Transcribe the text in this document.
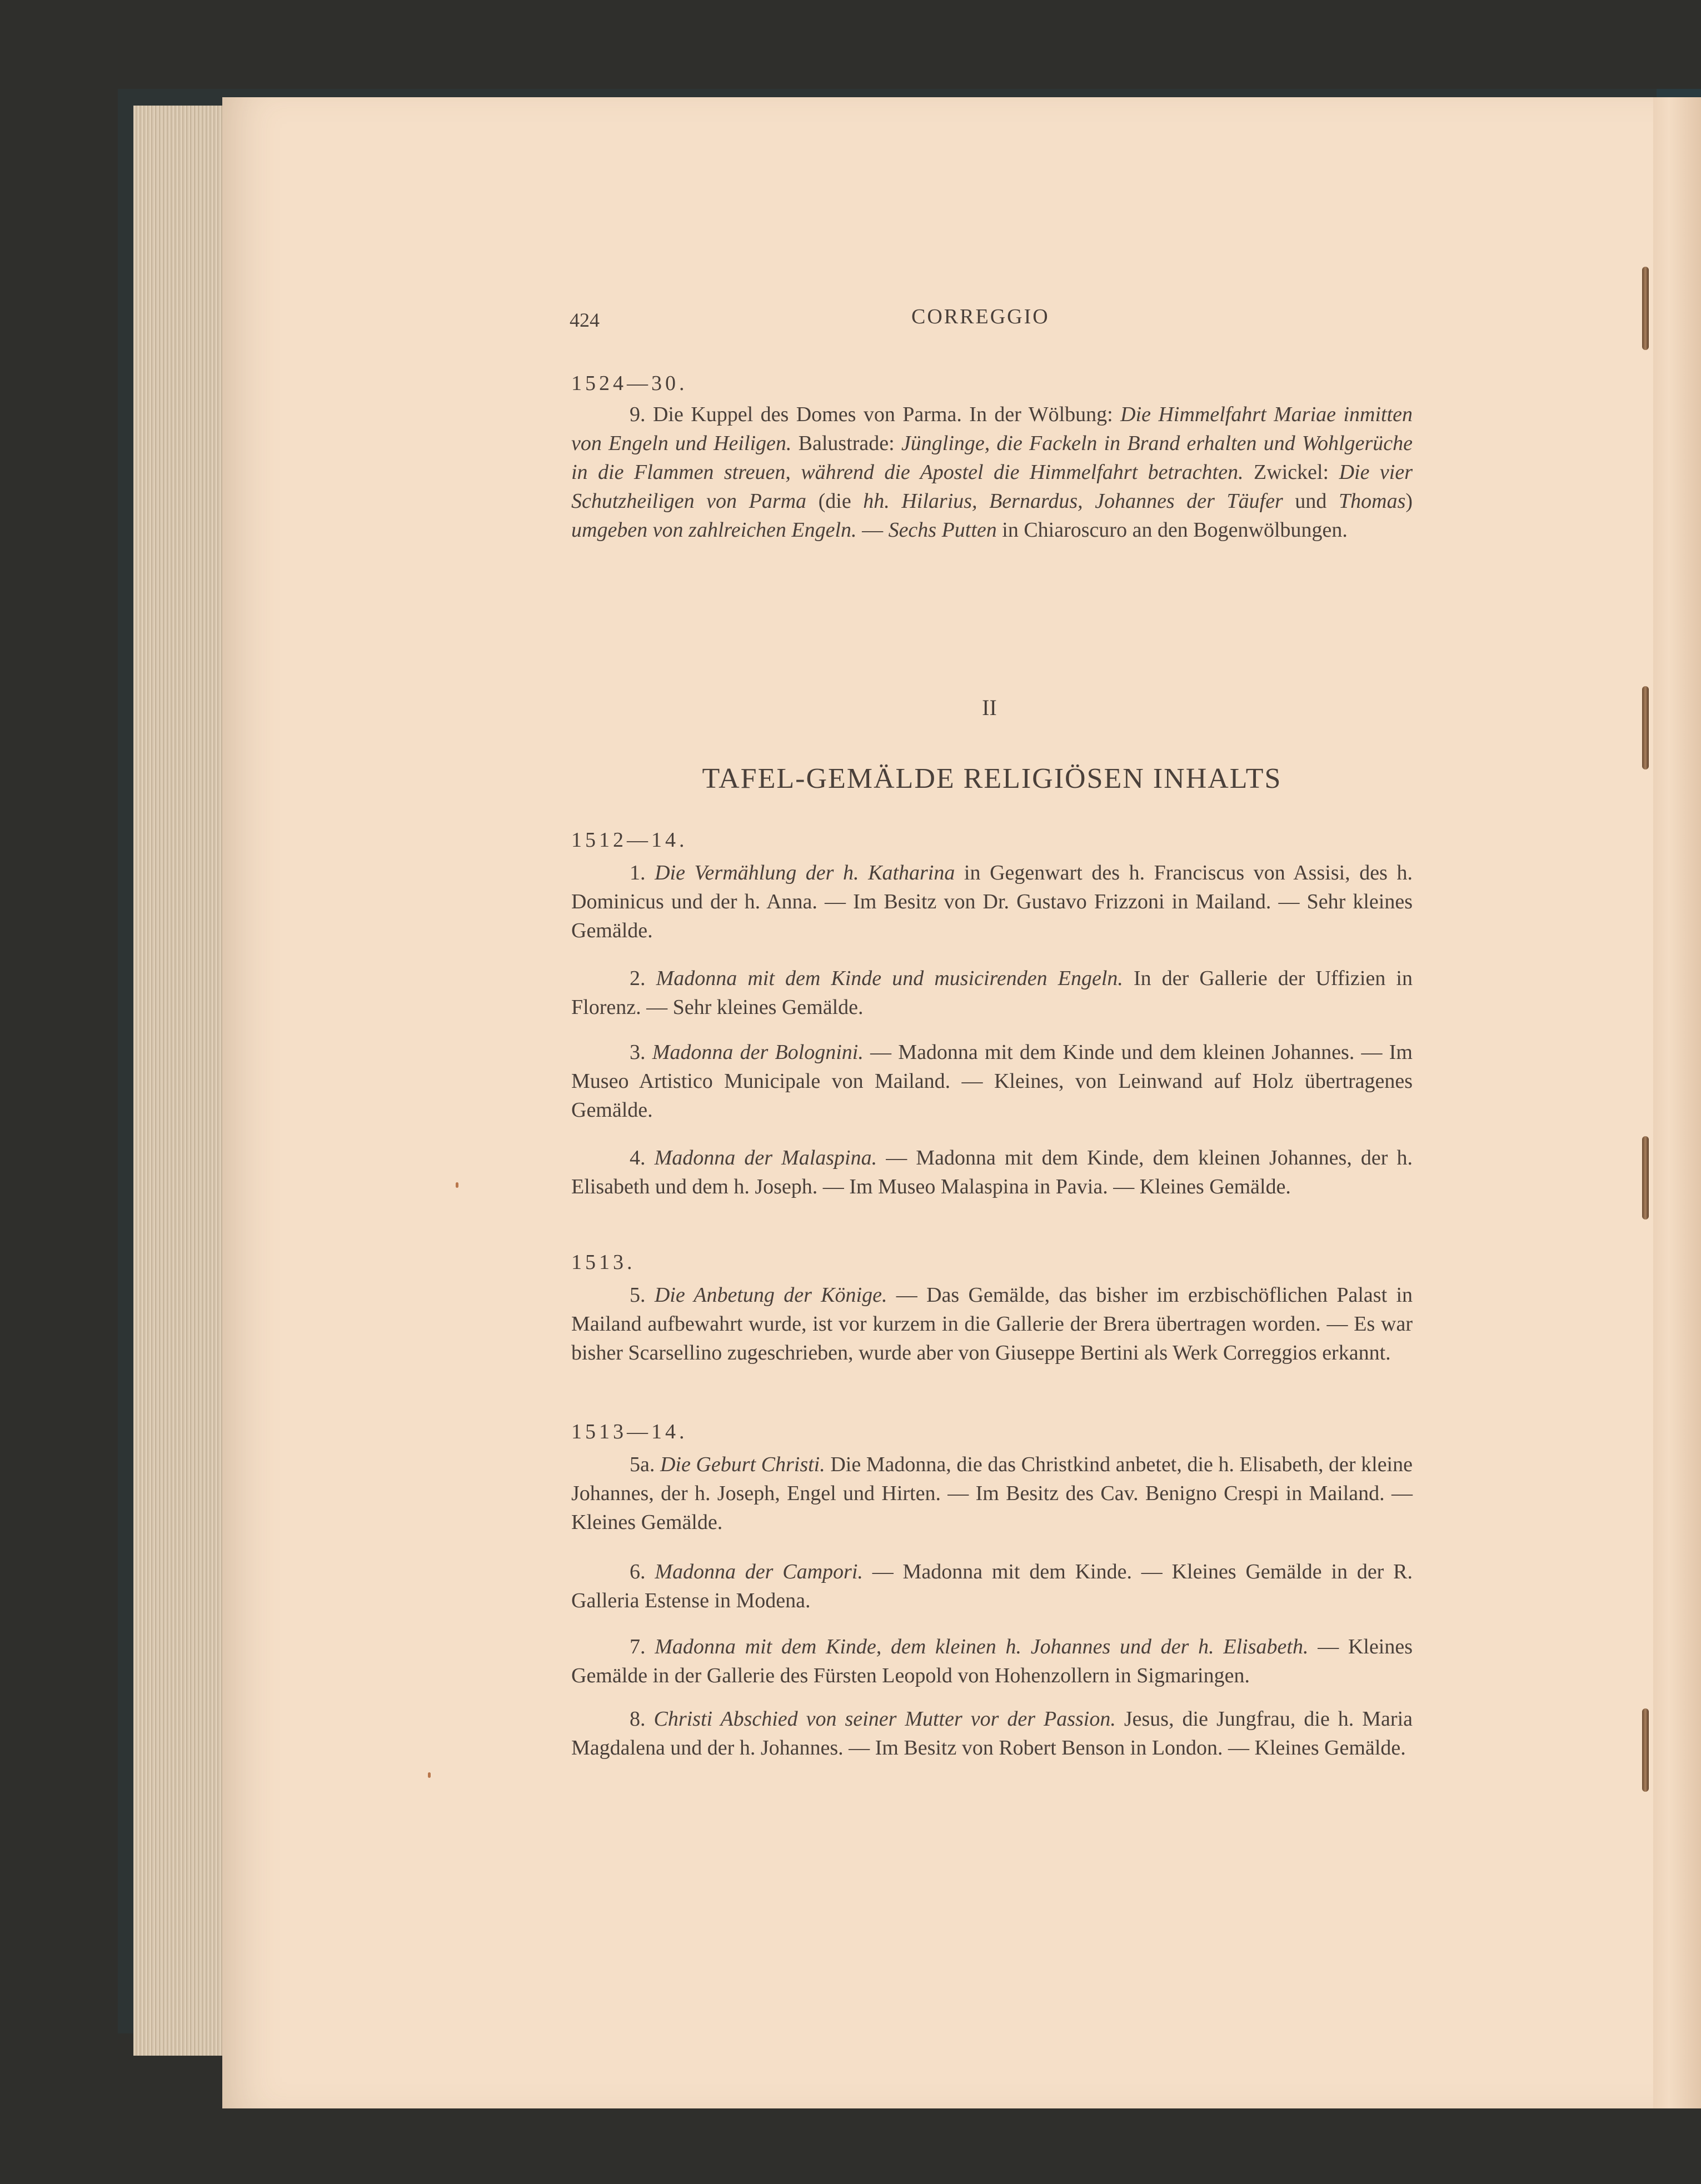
424	CORREGGIO

1524—30.

9. Die Kuppel des Domes von Parma. In der Wölbung: Die Himmelfahrt Mariae inmitten von Engeln und Heiligen. Balustrade: Jünglinge, die Fackeln in Brand erhalten und Wohlgerüche in die Flammen streuen, während die Apostel die Himmelfahrt betrachten. Zwickel: Die vier Schutzheiligen von Parma (die hh. Hilarius, Bernardus, Johannes der Täufer und Thomas) umgeben von zahlreichen Engeln. — Sechs Putten in Chiaroscuro an den Bogenwölbungen.

II

TAFEL-GEMÄLDE RELIGIÖSEN INHALTS

1512—14.

1. Die Vermählung der h. Katharina in Gegenwart des h. Franciscus von Assisi, des h. Dominicus und der h. Anna. — Im Besitz von Dr. Gustavo Frizzoni in Mailand. — Sehr kleines Gemälde.

2. Madonna mit dem Kinde und musicirenden Engeln. In der Gallerie der Uffizien in Florenz. — Sehr kleines Gemälde.

3. Madonna der Bolognini. — Madonna mit dem Kinde und dem kleinen Johannes. — Im Museo Artistico Municipale von Mailand. — Kleines, von Leinwand auf Holz übertragenes Gemälde.

4. Madonna der Malaspina. — Madonna mit dem Kinde, dem kleinen Johannes, der h. Elisabeth und dem h. Joseph. — Im Museo Malaspina in Pavia. — Kleines Gemälde.

1513.

5. Die Anbetung der Könige. — Das Gemälde, das bisher im erzbischöflichen Palast in Mailand aufbewahrt wurde, ist vor kurzem in die Gallerie der Brera übertragen worden. — Es war bisher Scarsellino zugeschrieben, wurde aber von Giuseppe Bertini als Werk Correggios erkannt.

1513—14.

5a. Die Geburt Christi. Die Madonna, die das Christkind anbetet, die h. Elisabeth, der kleine Johannes, der h. Joseph, Engel und Hirten. — Im Besitz des Cav. Benigno Crespi in Mailand. — Kleines Gemälde.

6. Madonna der Campori. — Madonna mit dem Kinde. — Kleines Gemälde in der R. Galleria Estense in Modena.

7. Madonna mit dem Kinde, dem kleinen h. Johannes und der h. Elisabeth. — Kleines Gemälde in der Gallerie des Fürsten Leopold von Hohenzollern in Sigmaringen.

8. Christi Abschied von seiner Mutter vor der Passion. Jesus, die Jungfrau, die h. Maria Magdalena und der h. Johannes. — Im Besitz von Robert Benson in London. — Kleines Gemälde.
